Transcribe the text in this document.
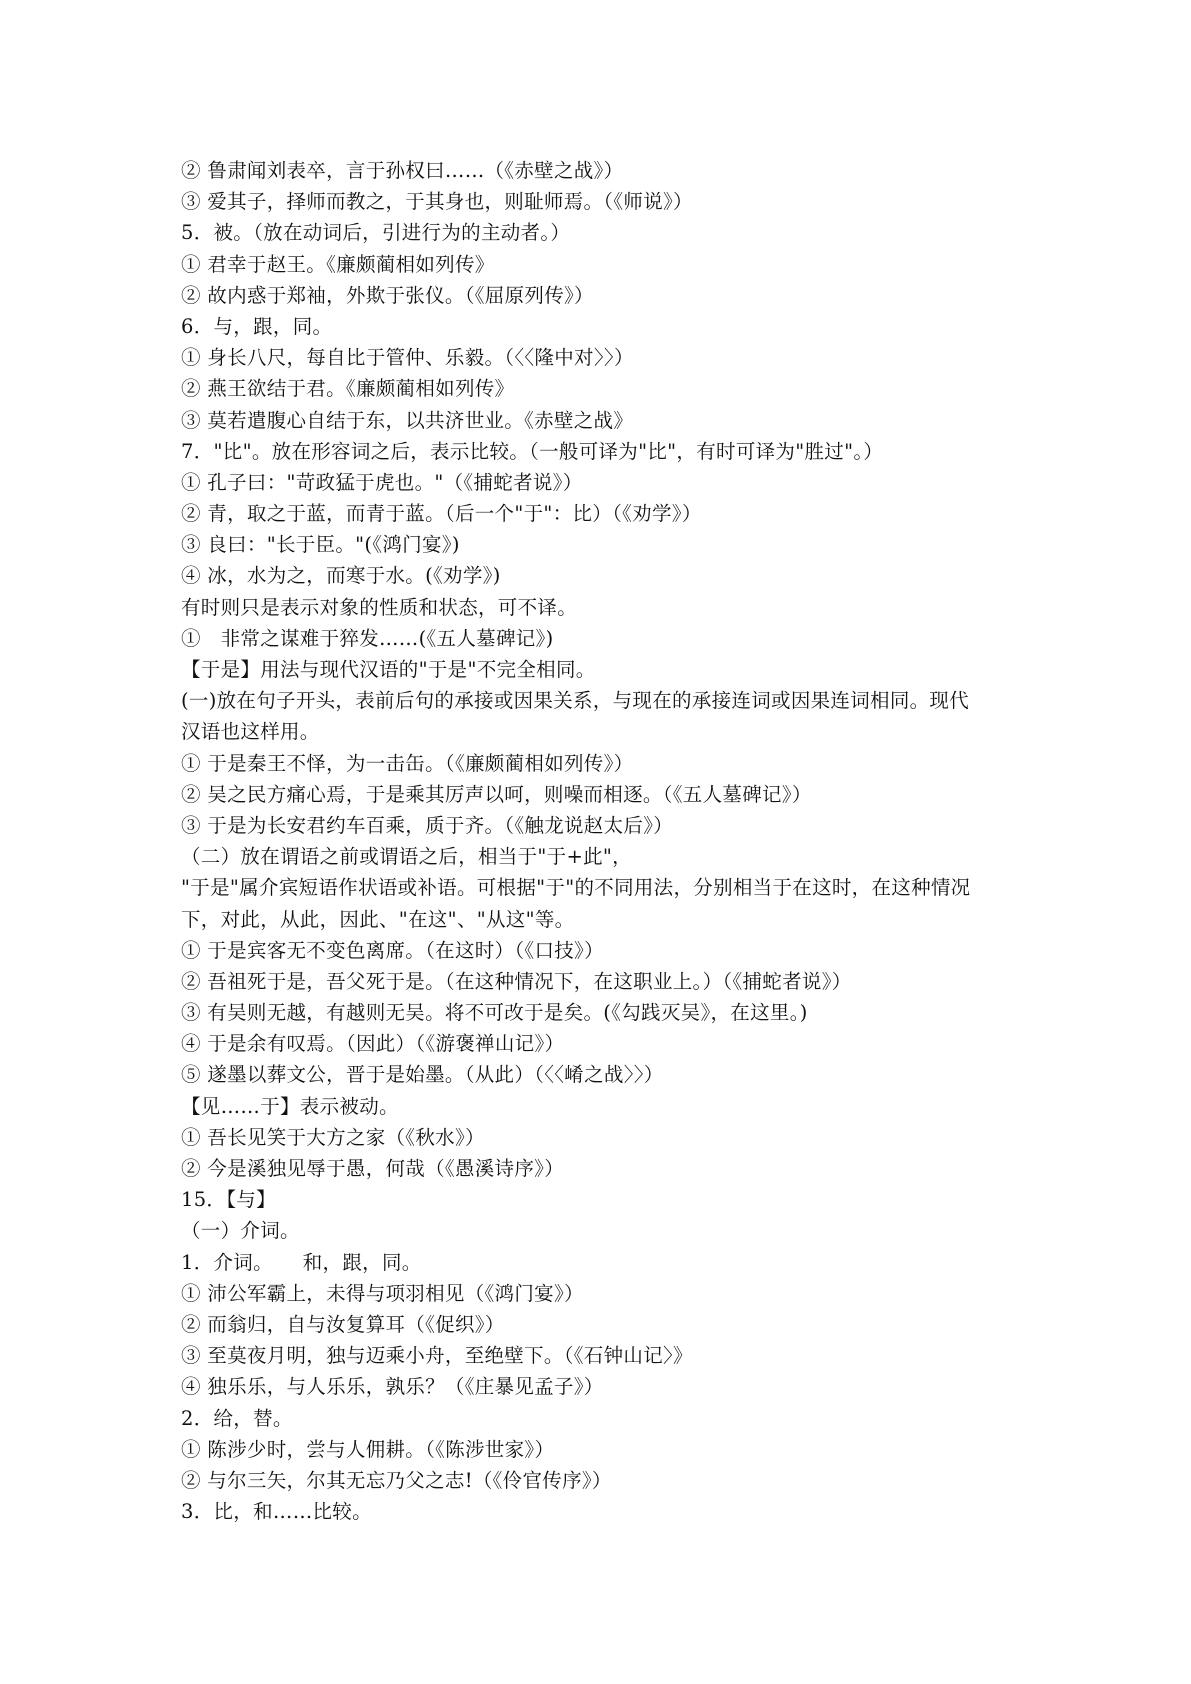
② 鲁肃闻刘表卒，言于孙权曰……（《赤壁之战》）
③ 爱其子，择师而教之，于其身也，则耻师焉。（《师说》）
5．被。（放在动词后，引进行为的主动者。）
① 君幸于赵王。《廉颇蔺相如列传》
② 故内惑于郑袖，外欺于张仪。（《屈原列传》）
6．与，跟，同。
① 身长八尺，每自比于管仲、乐毅。（〈〈隆中对〉〉）
② 燕王欲结于君。《廉颇蔺相如列传》
③ 莫若遣腹心自结于东，以共济世业。《赤壁之战》
7．"比"。放在形容词之后，表示比较。（一般可译为"比"，有时可译为"胜过"。）
① 孔子曰："苛政猛于虎也。"（《捕蛇者说》）
② 青，取之于蓝，而青于蓝。（后一个"于"：比）（《劝学》）
③ 良曰："长于臣。"(《鸿门宴》)
④ 冰，水为之，而寒于水。(《劝学》)
有时则只是表示对象的性质和状态，可不译。
①　非常之谋难于猝发……(《五人墓碑记》)
【于是】用法与现代汉语的"于是"不完全相同。
(一)放在句子开头，表前后句的承接或因果关系，与现在的承接连词或因果连词相同。现代
汉语也这样用。
① 于是秦王不怿，为一击缶。（《廉颇蔺相如列传》）
② 吴之民方痛心焉，于是乘其厉声以呵，则噪而相逐。（《五人墓碑记》）
③ 于是为长安君约车百乘，质于齐。（《触龙说赵太后》）
（二）放在谓语之前或谓语之后，相当于"于+此"，
"于是"属介宾短语作状语或补语。可根据"于"的不同用法，分别相当于在这时，在这种情况
下，对此，从此，因此、"在这"、"从这"等。
① 于是宾客无不变色离席。（在这时）（《口技》）
② 吾祖死于是，吾父死于是。（在这种情况下，在这职业上。）（《捕蛇者说》）
③ 有吴则无越，有越则无吴。将不可改于是矣。(《勾践灭吴》，在这里。)
④ 于是余有叹焉。（因此）（《游褒禅山记》）
⑤ 遂墨以葬文公，晋于是始墨。（从此）（〈〈崤之战〉〉）
【见……于】表示被动。
① 吾长见笑于大方之家（《秋水》）
② 今是溪独见辱于愚，何哉（《愚溪诗序》）
15．【与】
（一）介词。
1．介词。　　和，跟，同。
① 沛公军霸上，未得与项羽相见（《鸿门宴》）
② 而翁归，自与汝复算耳（《促织》）
③ 至莫夜月明，独与迈乘小舟，至绝壁下。（《石钟山记〉》
④ 独乐乐，与人乐乐，孰乐？（《庄暴见孟子》）
2．给，替。
① 陈涉少时，尝与人佣耕。（《陈涉世家》）
② 与尔三矢，尔其无忘乃父之志!（《伶官传序》）
3．比，和……比较。
